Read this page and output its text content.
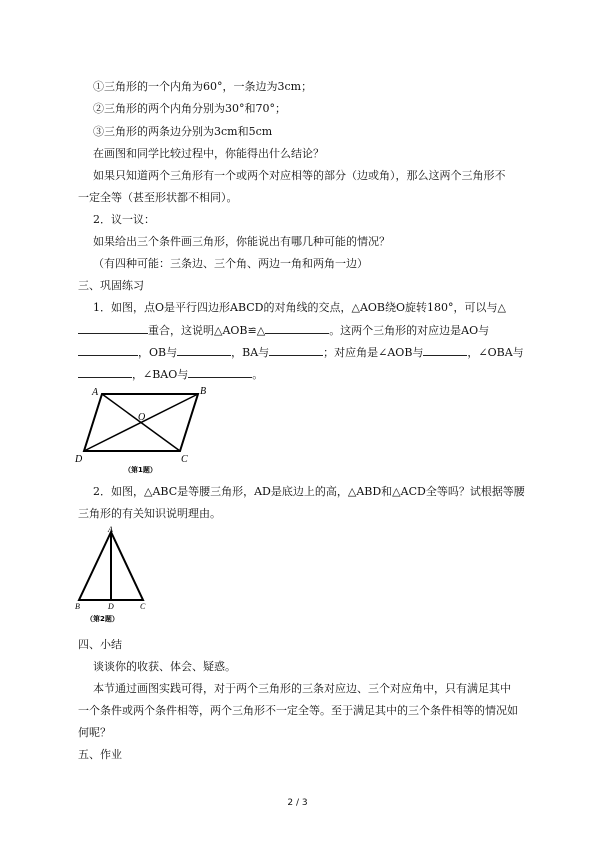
①三角形的一个内角为60°，一条边为3cm；
②三角形的两个内角分别为30°和70°；
③三角形的两条边分别为3cm和5cm
在画图和同学比较过程中，你能得出什么结论？
如果只知道两个三角形有一个或两个对应相等的部分（边或角），那么这两个三角形不
一定全等（甚至形状都不相同）。
2．议一议：
如果给出三个条件画三角形，你能说出有哪几种可能的情况？
（有四种可能：三条边、三个角、两边一角和两角一边）
三、巩固练习
1．如图，点O是平行四边形ABCD的对角线的交点，△AOB绕O旋转180°，可以与△
重合，这说明△AOB≌△	。这两个三角形的对应边是AO与
，OB与	，BA与	；对应角是∠AOB与	，∠OBA与
，∠BAO与	。
A	B
C
D
O
（第1题）
2．如图，△ABC是等腰三角形，AD是底边上的高，△ABD和△ACD全等吗？试根据等腰
三角形的有关知识说明理由。
A
B	D	C
（第2题）
四、小结
谈谈你的收获、体会、疑惑。
本节通过画图实践可得，对于两个三角形的三条对应边、三个对应角中，只有满足其中
一个条件或两个条件相等，两个三角形不一定全等。至于满足其中的三个条件相等的情况如
何呢？
五、作业
2 / 3
